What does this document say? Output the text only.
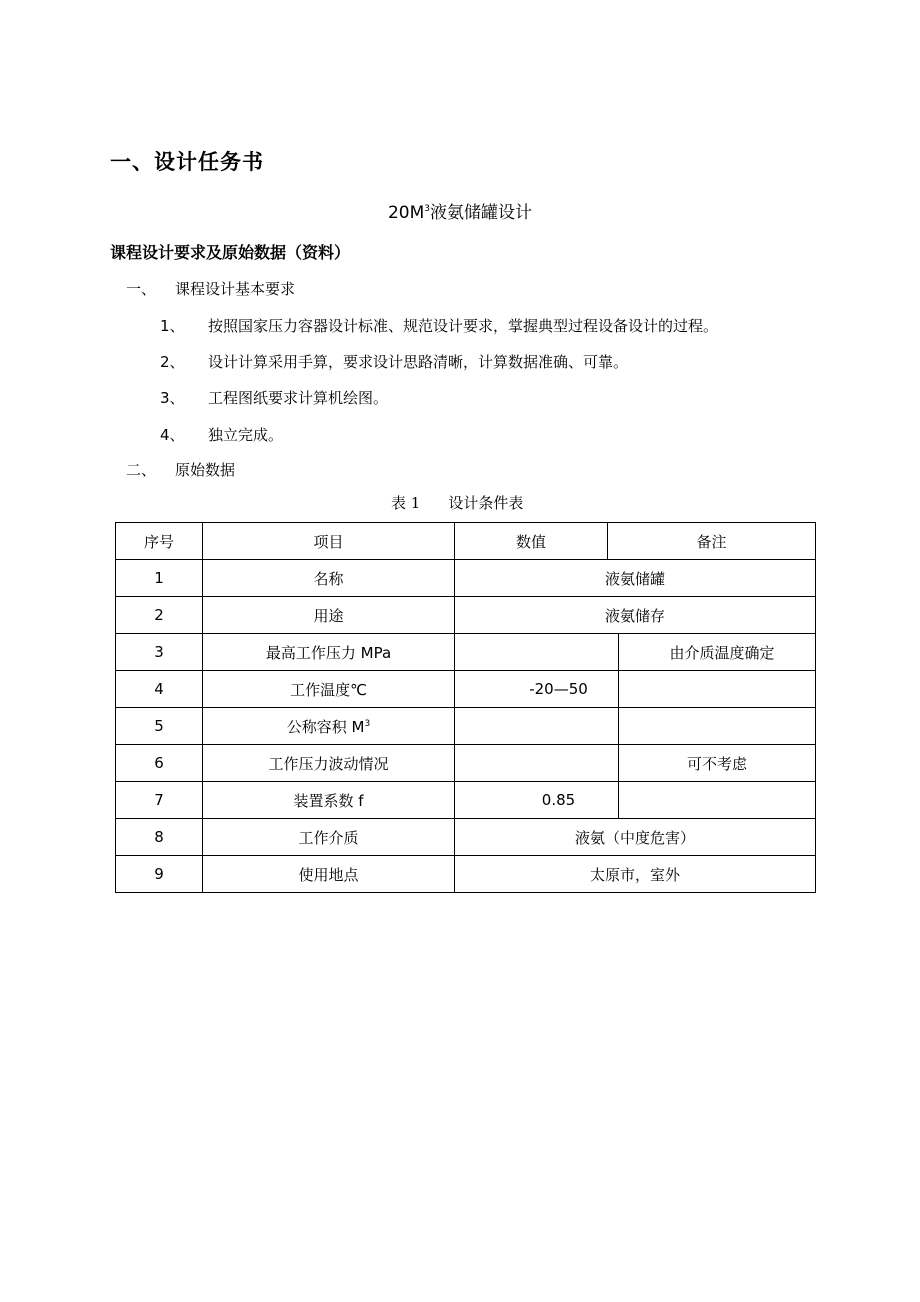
一、设计任务书
$20M^3$液氨储罐设计
课程设计要求及原始数据（资料）
一、 课程设计基本要求
1、 按照国家压力容器设计标准、规范设计要求，掌握典型过程设备设计的过程。
2、 设计计算采用手算，要求设计思路清晰，计算数据准确、可靠。
3、 工程图纸要求计算机绘图。
4、 独立完成。
二、 原始数据
表 1 设计条件表
序号	项目	数值	备注	
1	名称	液氨储罐		
2	用途	液氨储存		
3	最高工作压力 MPa			由介质温度确定
4	工作温度℃	-20—50		
5	公称容积 $M^3$		
6	工作压力波动情况			可不考虑
7	装置系数 f	0.85		
8	工作介质	液氨（中度危害）		
9	使用地点	太原市，室外		
